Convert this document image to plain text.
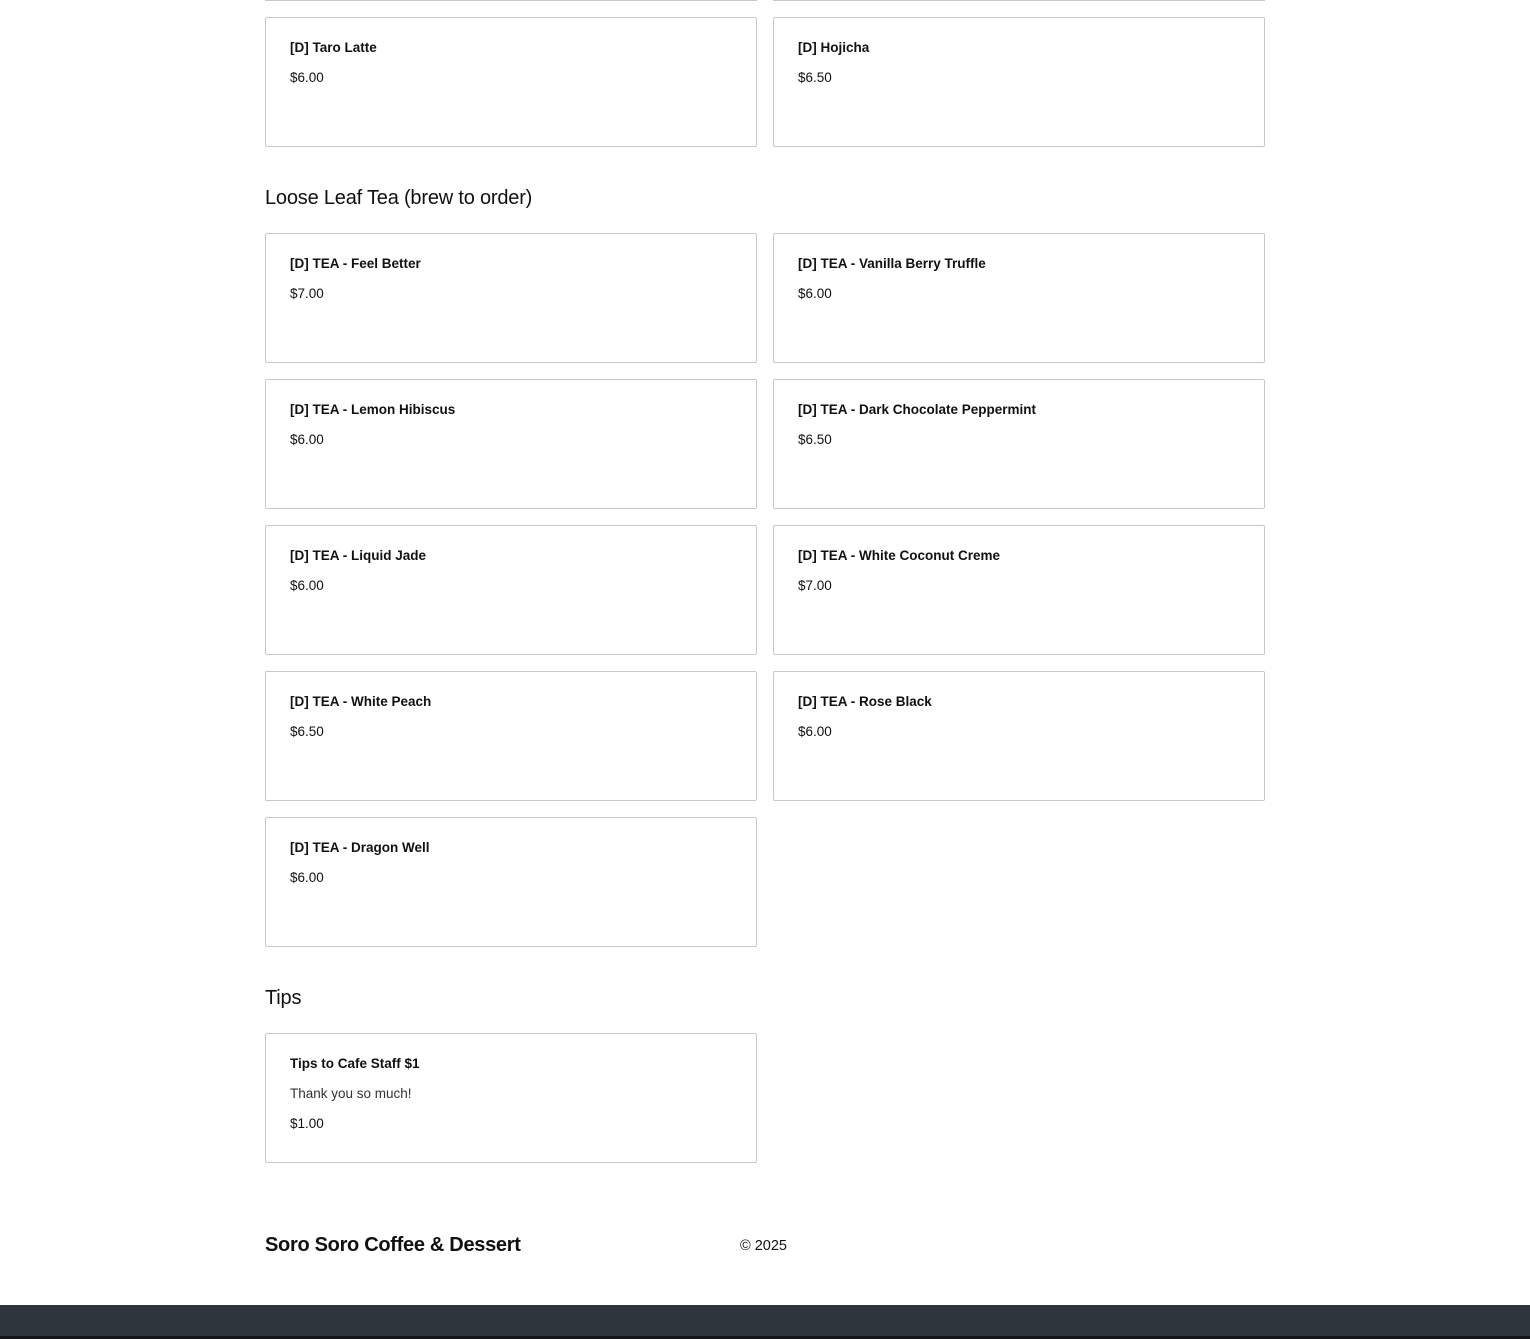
[D] Taro Latte
$6.00
[D] Hojicha
$6.50
Loose Leaf Tea (brew to order)
[D] TEA - Feel Better
$7.00
[D] TEA - Vanilla Berry Truffle
$6.00
[D] TEA - Lemon Hibiscus
$6.00
[D] TEA - Dark Chocolate Peppermint
$6.50
[D] TEA - Liquid Jade
$6.00
[D] TEA - White Coconut Creme
$7.00
[D] TEA - White Peach
$6.50
[D] TEA - Rose Black
$6.00
[D] TEA - Dragon Well
$6.00
Tips
Tips to Cafe Staff $1
Thank you so much!
$1.00
Soro Soro Coffee & Dessert	© 2025
